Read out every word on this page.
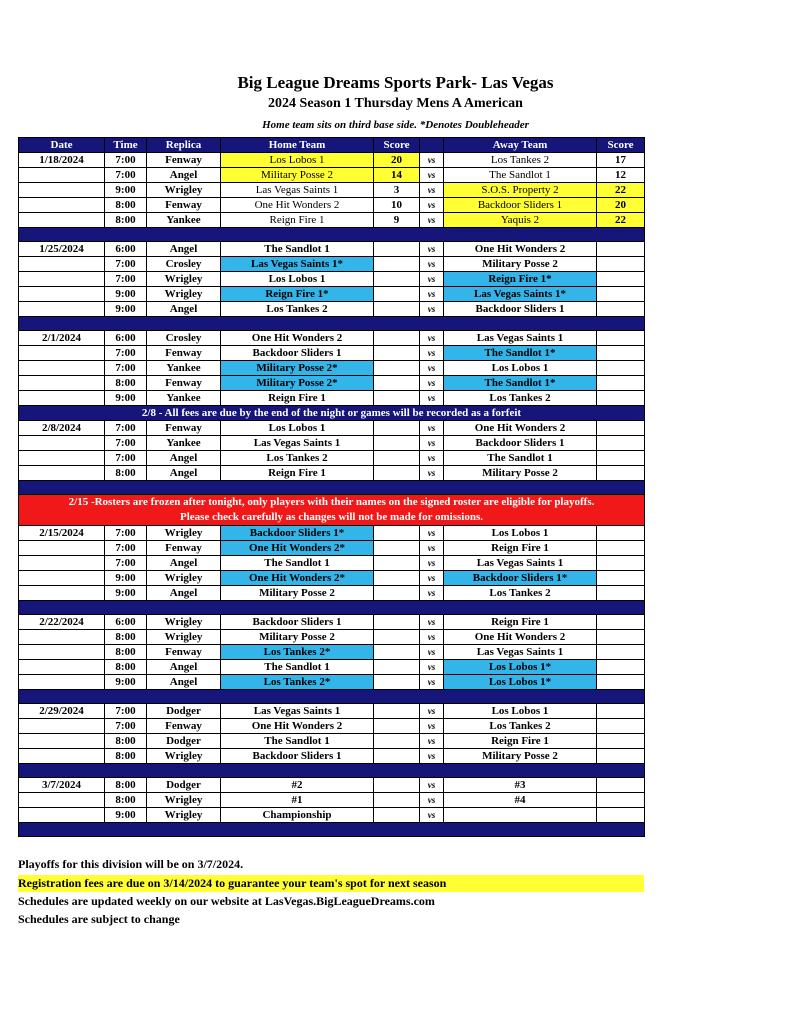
Big League Dreams Sports Park- Las Vegas
2024 Season 1 Thursday Mens A American
Home team sits on third base side. *Denotes Doubleheader
Date	Time	Replica	Home Team	Score		Away Team	Score
1/18/2024	7:00	Fenway	Los Lobos 1	20	vs	Los Tankes 2	17
	7:00	Angel	Military Posse 2	14	vs	The Sandlot 1	12
	9:00	Wrigley	Las Vegas Saints 1	3	vs	S.O.S. Property 2	22
	8:00	Fenway	One Hit Wonders 2	10	vs	Backdoor Sliders 1	20
	8:00	Yankee	Reign Fire 1	9	vs	Yaquis 2	22

1/25/2024	6:00	Angel	The Sandlot 1		vs	One Hit Wonders 2	
	7:00	Crosley	Las Vegas Saints 1*		vs	Military Posse 2	
	7:00	Wrigley	Los Lobos 1		vs	Reign Fire 1*	
	9:00	Wrigley	Reign Fire 1*		vs	Las Vegas Saints 1*	
	9:00	Angel	Los Tankes 2		vs	Backdoor Sliders 1	

2/1/2024	6:00	Crosley	One Hit Wonders 2		vs	Las Vegas Saints 1	
	7:00	Fenway	Backdoor Sliders 1		vs	The Sandlot 1*	
	7:00	Yankee	Military Posse 2*		vs	Los Lobos 1	
	8:00	Fenway	Military Posse 2*		vs	The Sandlot 1*	
	9:00	Yankee	Reign Fire 1		vs	Los Tankes 2	
2/8 - All fees are due by the end of the night or games will be recorded as a forfeit							
2/8/2024	7:00	Fenway	Los Lobos 1		vs	One Hit Wonders 2	
	7:00	Yankee	Las Vegas Saints 1		vs	Backdoor Sliders 1	
	7:00	Angel	Los Tankes 2		vs	The Sandlot 1	
	8:00	Angel	Reign Fire 1		vs	Military Posse 2	

2/15 -Rosters are frozen after tonight, only players with their names on the signed roster are eligible for playoffs.
Please check carefully as changes will not be made for omissions.							

2/15/2024	7:00	Wrigley	Backdoor Sliders 1*		vs	Los Lobos 1	
	7:00	Fenway	One Hit Wonders 2*		vs	Reign Fire 1	
	7:00	Angel	The Sandlot 1		vs	Las Vegas Saints 1	
	9:00	Wrigley	One Hit Wonders 2*		vs	Backdoor Sliders 1*	
	9:00	Angel	Military Posse 2		vs	Los Tankes 2	

2/22/2024	6:00	Wrigley	Backdoor Sliders 1		vs	Reign Fire 1	
	8:00	Wrigley	Military Posse 2		vs	One Hit Wonders 2	
	8:00	Fenway	Los Tankes 2*		vs	Las Vegas Saints 1	
	8:00	Angel	The Sandlot 1		vs	Los Lobos 1*	
	9:00	Angel	Los Tankes 2*		vs	Los Lobos 1*	

2/29/2024	7:00	Dodger	Las Vegas Saints 1		vs	Los Lobos 1	
	7:00	Fenway	One Hit Wonders 2		vs	Los Tankes 2	
	8:00	Dodger	The Sandlot 1		vs	Reign Fire 1	
	8:00	Wrigley	Backdoor Sliders 1		vs	Military Posse 2	

3/7/2024	8:00	Dodger	#2		vs	#3	
	8:00	Wrigley	#1		vs	#4	
	9:00	Wrigley	Championship		vs		

Playoffs for this division will be on 3/7/2024.
Registration fees are due on 3/14/2024 to guarantee your team's spot for next season
Schedules are updated weekly on our website at LasVegas.BigLeagueDreams.com
Schedules are subject to change
